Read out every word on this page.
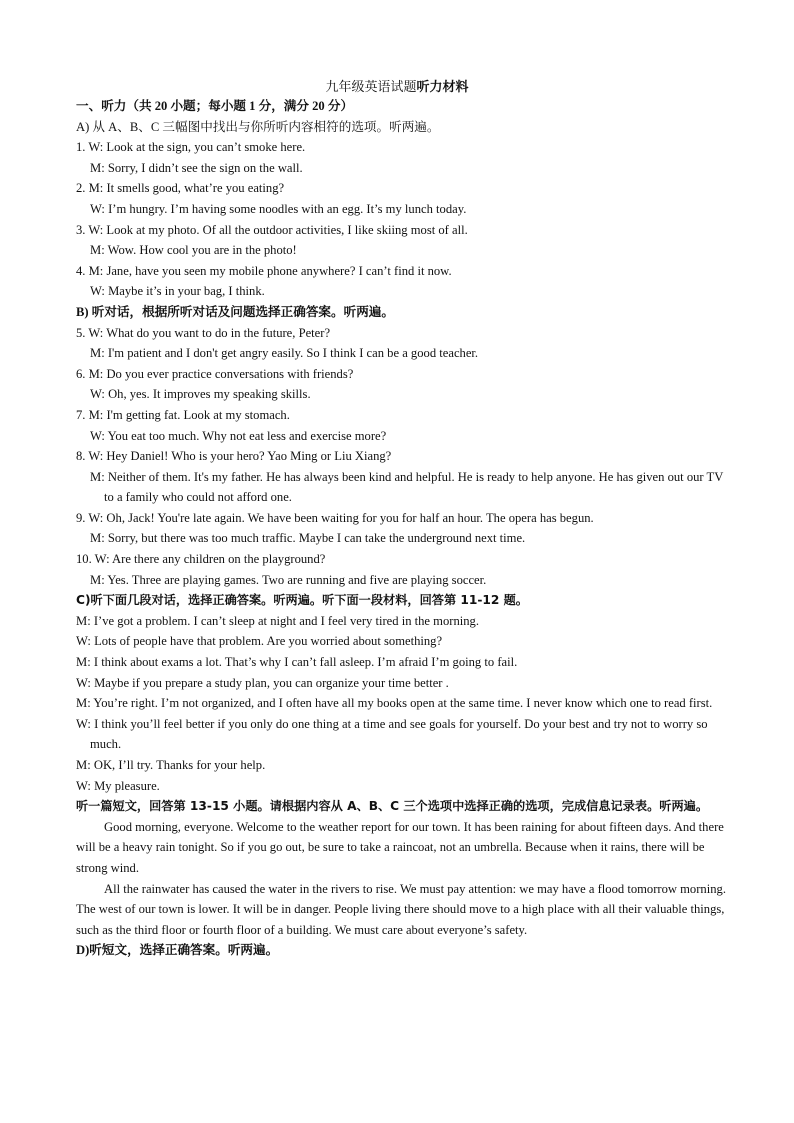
九年级英语试题听力材料

一、听力（共 20 小题；每小题 1 分，满分 20 分）

A) 从 A、B、C 三幅图中找出与你所听内容相符的选项。听两遍。

1. W: Look at the sign, you can’t smoke here.

M: Sorry, I didn’t see the sign on the wall.

2. M: It smells good, what’re you eating?

W: I’m hungry. I’m having some noodles with an egg. It’s my lunch today.

3. W: Look at my photo. Of all the outdoor activities, I like skiing most of all.

M: Wow. How cool you are in the photo!

4. M: Jane, have you seen my mobile phone anywhere? I can’t find it now.

W: Maybe it’s in your bag, I think.

B) 听对话，根据所听对话及问题选择正确答案。听两遍。

5. W: What do you want to do in the future, Peter?

M: I'm patient and I don't get angry easily. So I think I can be a good teacher.

6. M: Do you ever practice conversations with friends?

W: Oh, yes. It improves my speaking skills.

7. M: I'm getting fat. Look at my stomach.

W: You eat too much. Why not eat less and exercise more?

8. W: Hey Daniel! Who is your hero? Yao Ming or Liu Xiang?

M: Neither of them. It's my father. He has always been kind and helpful. He is ready to help anyone. He has given out our TV to a family who could not afford one.

9. W: Oh, Jack! You're late again. We have been waiting for you for half an hour. The opera has begun.

M: Sorry, but there was too much traffic. Maybe I can take the underground next time.

10. W: Are there any children on the playground?

M: Yes. Three are playing games. Two are running and five are playing soccer.

C)听下面几段对话，选择正确答案。听两遍。听下面一段材料，回答第 11-12 题。

M: I’ve got a problem. I can’t sleep at night and I feel very tired in the morning.

W: Lots of people have that problem. Are you worried about something?

M: I think about exams a lot. That’s why I can’t fall asleep. I’m afraid I’m going to fail.

W: Maybe if you prepare a study plan, you can organize your time better .

M: You’re right. I’m not organized, and I often have all my books open at the same time. I never know which one to read first.

W: I think you’ll feel better if you only do one thing at a time and see goals for yourself. Do your best and try not to worry so much.

M: OK, I’ll try. Thanks for your help.

W: My pleasure.

听一篇短文，回答第 13-15 小题。请根据内容从 A、B、C 三个选项中选择正确的选项，完成信息记录表。听两遍。

Good morning, everyone. Welcome to the weather report for our town. It has been raining for about fifteen days. And there will be a heavy rain tonight. So if you go out, be sure to take a raincoat, not an umbrella. Because when it rains, there will be strong wind.

All the rainwater has caused the water in the rivers to rise. We must pay attention: we may have a flood tomorrow morning. The west of our town is lower. It will be in danger. People living there should move to a high place with all their valuable things, such as the third floor or fourth floor of a building. We must care about everyone’s safety.

D)听短文，选择正确答案。听两遍。
